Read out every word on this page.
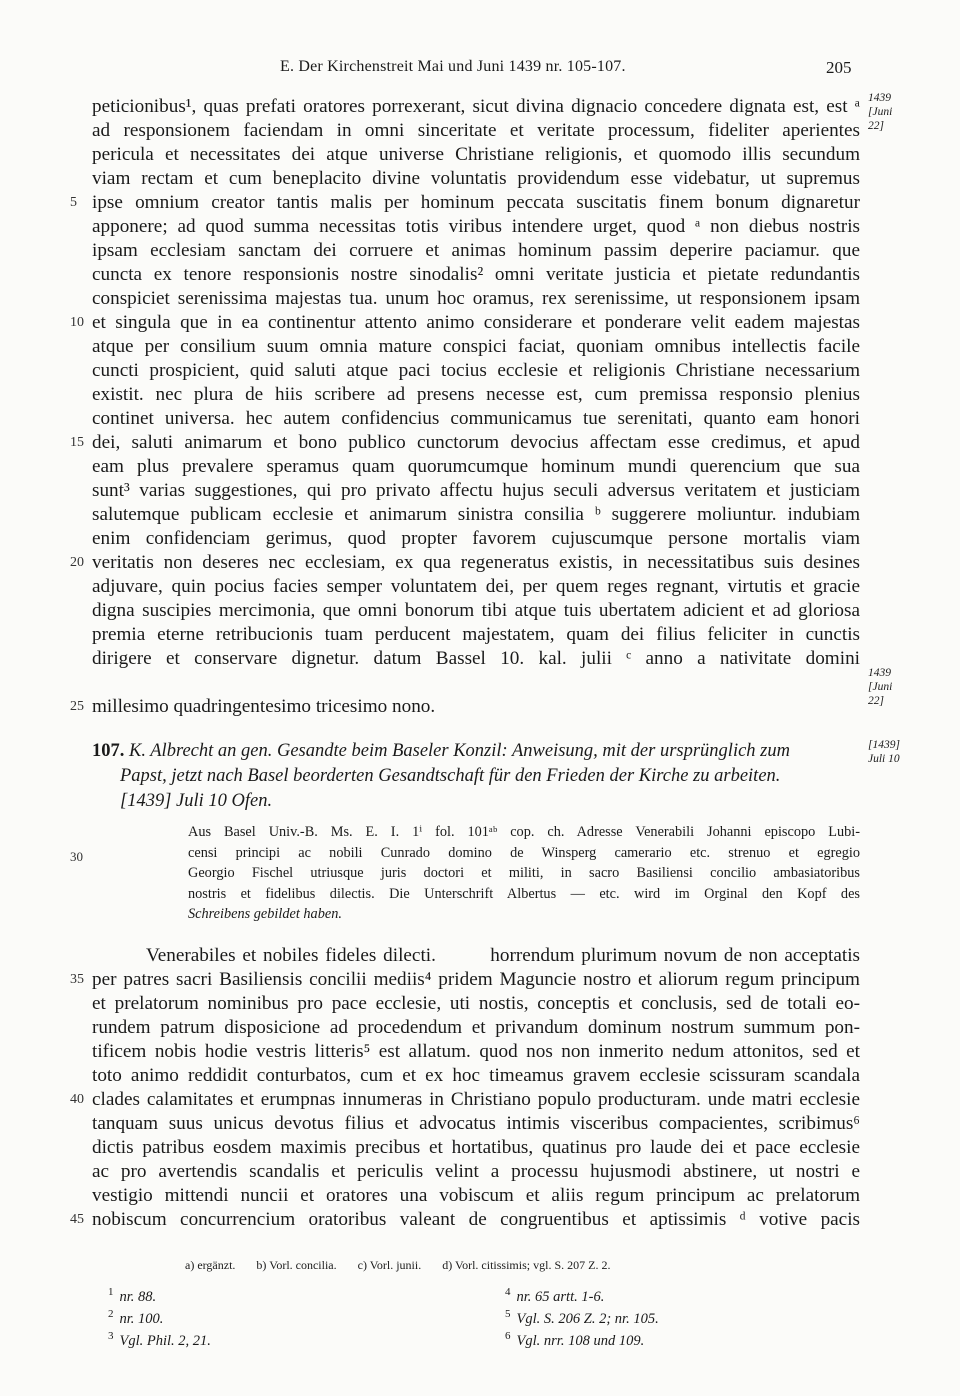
E. Der Kirchenstreit Mai und Juni 1439 nr. 105-107.	205
1439
[Juni
22]
1439
[Juni
22]
[1439]
Juli 10
peticionibus¹, quas prefati oratores porrexerant, sicut divina dignacio concedere dignata est, est ᵃ
ad responsionem faciendam in omni sinceritate et veritate processum, fideliter aperientes
pericula et necessitates dei atque universe Christiane religionis, et quomodo illis secundum
viam rectam et cum beneplacito divine voluntatis providendum esse videbatur, ut supremus
5 ipse omnium creator tantis malis per hominum peccata suscitatis finem bonum dignaretur
apponere; ad quod summa necessitas totis viribus intendere urget, quod ᵃ non diebus nostris
ipsam ecclesiam sanctam dei corruere et animas hominum passim deperire paciamur. que
cuncta ex tenore responsionis nostre sinodalis² omni veritate justicia et pietate redundantis
conspiciet serenissima majestas tua. unum hoc oramus, rex serenissime, ut responsionem ipsam
10 et singula que in ea continentur attento animo considerare et ponderare velit eadem majestas
atque per consilium suum omnia mature conspici faciat, quoniam omnibus intellectis facile
cuncti prospicient, quid saluti atque paci tocius ecclesie et religionis Christiane necessarium
existit. nec plura de hiis scribere ad presens necesse est, cum premissa responsio plenius
continet universa. hec autem confidencius communicamus tue serenitati, quanto eam honori
15 dei, saluti animarum et bono publico cunctorum devocius affectam esse credimus, et apud
eam plus prevalere speramus quam quorumcumque hominum mundi querencium que sua
sunt³ varias suggestiones, qui pro privato affectu hujus seculi adversus veritatem et justiciam
salutemque publicam ecclesie et animarum sinistra consilia ᵇ suggerere moliuntur. indubiam
enim confidenciam gerimus, quod propter favorem cujuscumque persone mortalis viam
20 veritatis non deseres nec ecclesiam, ex qua regeneratus existis, in necessitatibus suis desines
adjuvare, quin pocius facies semper voluntatem dei, per quem reges regnant, virtutis et gracie
digna suscipies mercimonia, que omni bonorum tibi atque tuis ubertatem adicient et ad gloriosa
premia eterne retribucionis tuam perducent majestatem, quam dei filius feliciter in cunctis
dirigere et conservare dignetur. datum Bassel 10. kal. julii ᶜ anno a nativitate domini
25 millesimo quadringentesimo tricesimo nono.
107. K. Albrecht an gen. Gesandte beim Baseler Konzil: Anweisung, mit der ursprünglich zum
Papst, jetzt nach Basel beorderten Gesandtschaft für den Frieden der Kirche zu arbeiten.
[1439] Juli 10 Ofen.
30
Aus Basel Univ.-B. Ms. E. I. 1ⁱ fol. 101ᵃᵇ cop. ch. Adresse Venerabili Johanni episcopo Lubi-
censi principi ac nobili Cunrado domino de Winsperg camerario etc. strenuo et egregio
Georgio Fischel utriusque juris doctori et militi, in sacro Basiliensi concilio ambasiatoribus
nostris et fidelibus dilectis. Die Unterschrift Albertus — etc. wird im Orginal den Kopf des
Schreibens gebildet haben.
Venerabiles et nobiles fideles dilecti.        horrendum plurimum novum de non acceptatis
35 per patres sacri Basiliensis concilii mediis⁴ pridem Maguncie nostro et aliorum regum principum
et prelatorum nominibus pro pace ecclesie, uti nostis, conceptis et conclusis, sed de totali eo-
rundem patrum disposicione ad procedendum et privandum dominum nostrum summum pon-
tificem nobis hodie vestris litteris⁵ est allatum. quod nos non inmerito nedum attonitos, sed et
toto animo reddidit conturbatos, cum et ex hoc timeamus gravem ecclesie scissuram scandala
40 clades calamitates et erumpnas innumeras in Christiano populo producturam. unde matri ecclesie
tanquam suus unicus devotus filius et advocatus intimis visceribus compacientes, scribimus⁶
dictis patribus eosdem maximis precibus et hortatibus, quatinus pro laude dei et pace ecclesie
ac pro avertendis scandalis et periculis velint a processu hujusmodi abstinere, ut nostri e
vestigio mittendi nuncii et oratores una vobiscum et aliis regum principum ac prelatorum
45 nobiscum concurrencium oratoribus valeant de congruentibus et aptissimis ᵈ votive pacis
a) ergänzt. b) Vorl. concilia. c) Vorl. junii. d) Vorl. citissimis; vgl. S. 207 Z. 2.
$^1$ nr. 88.
$^2$ nr. 100.
$^3$ Vgl. Phil. 2, 21.
$^4$ nr. 65 artt. 1-6.
$^5$ Vgl. S. 206 Z. 2; nr. 105.
$^6$ Vgl. nrr. 108 und 109.
